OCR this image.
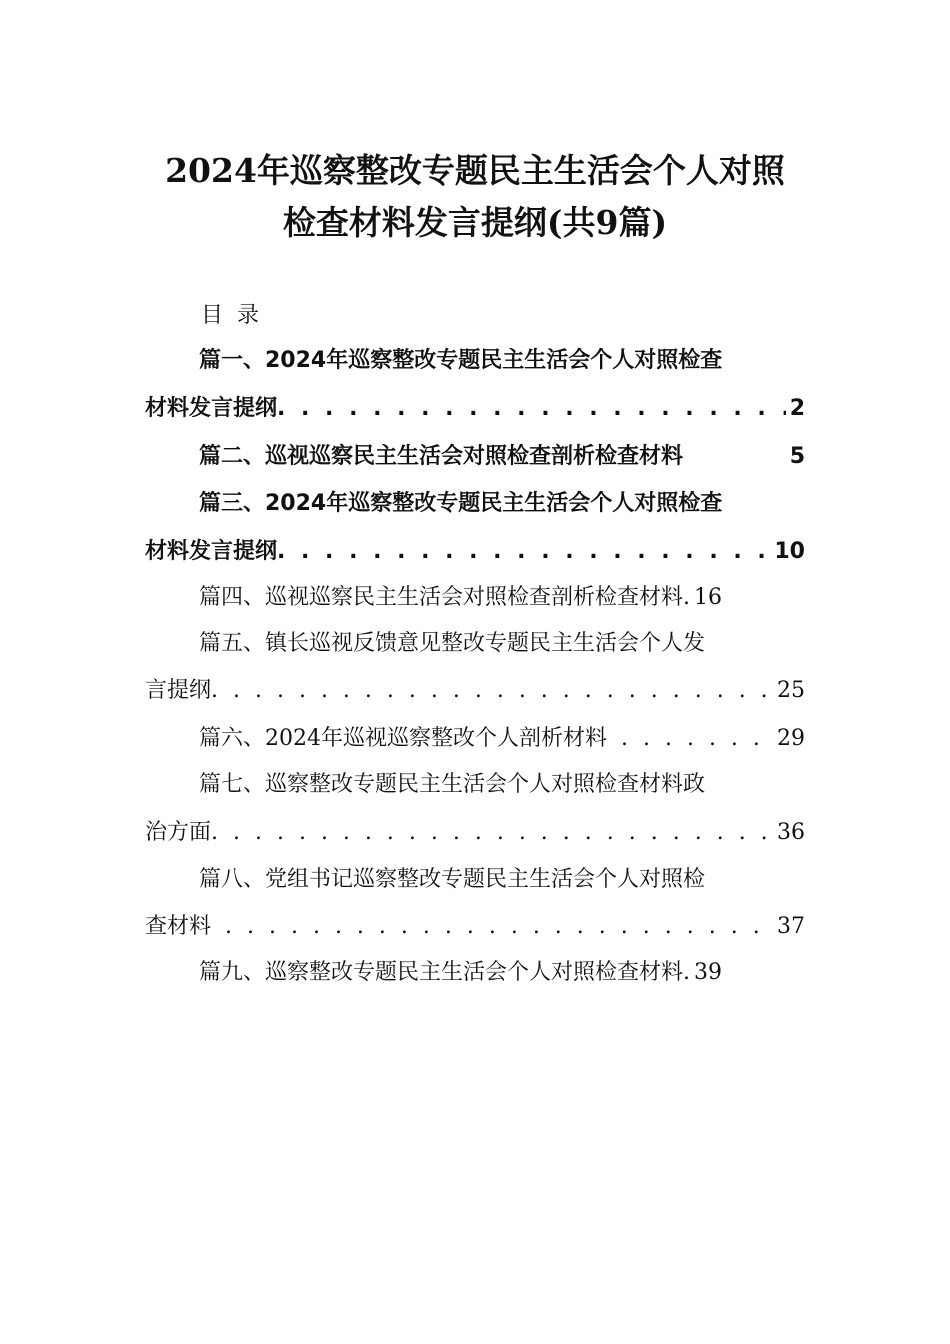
2024年巡察整改专题民主生活会个人对照
检查材料发言提纲(共9篇)
目录
篇一、2024年巡察整改专题民主生活会个人对照检查
材料发言提纲 . . .	2
篇二、巡视巡察民主生活会对照检查剖析检查材料	5
篇三、2024年巡察整改专题民主生活会个人对照检查
材料发言提纲 . . .	10
篇四、巡视巡察民主生活会对照检查剖析检查材料 . 16
篇五、镇长巡视反馈意见整改专题民主生活会个人发
言提纲 . . .	25
篇六、2024年巡视巡察整改个人剖析材料 . . .	29
篇七、巡察整改专题民主生活会个人对照检查材料政
治方面 . . .	36
篇八、党组书记巡察整改专题民主生活会个人对照检
查材料 . . .	37
篇九、巡察整改专题民主生活会个人对照检查材料 . 39
